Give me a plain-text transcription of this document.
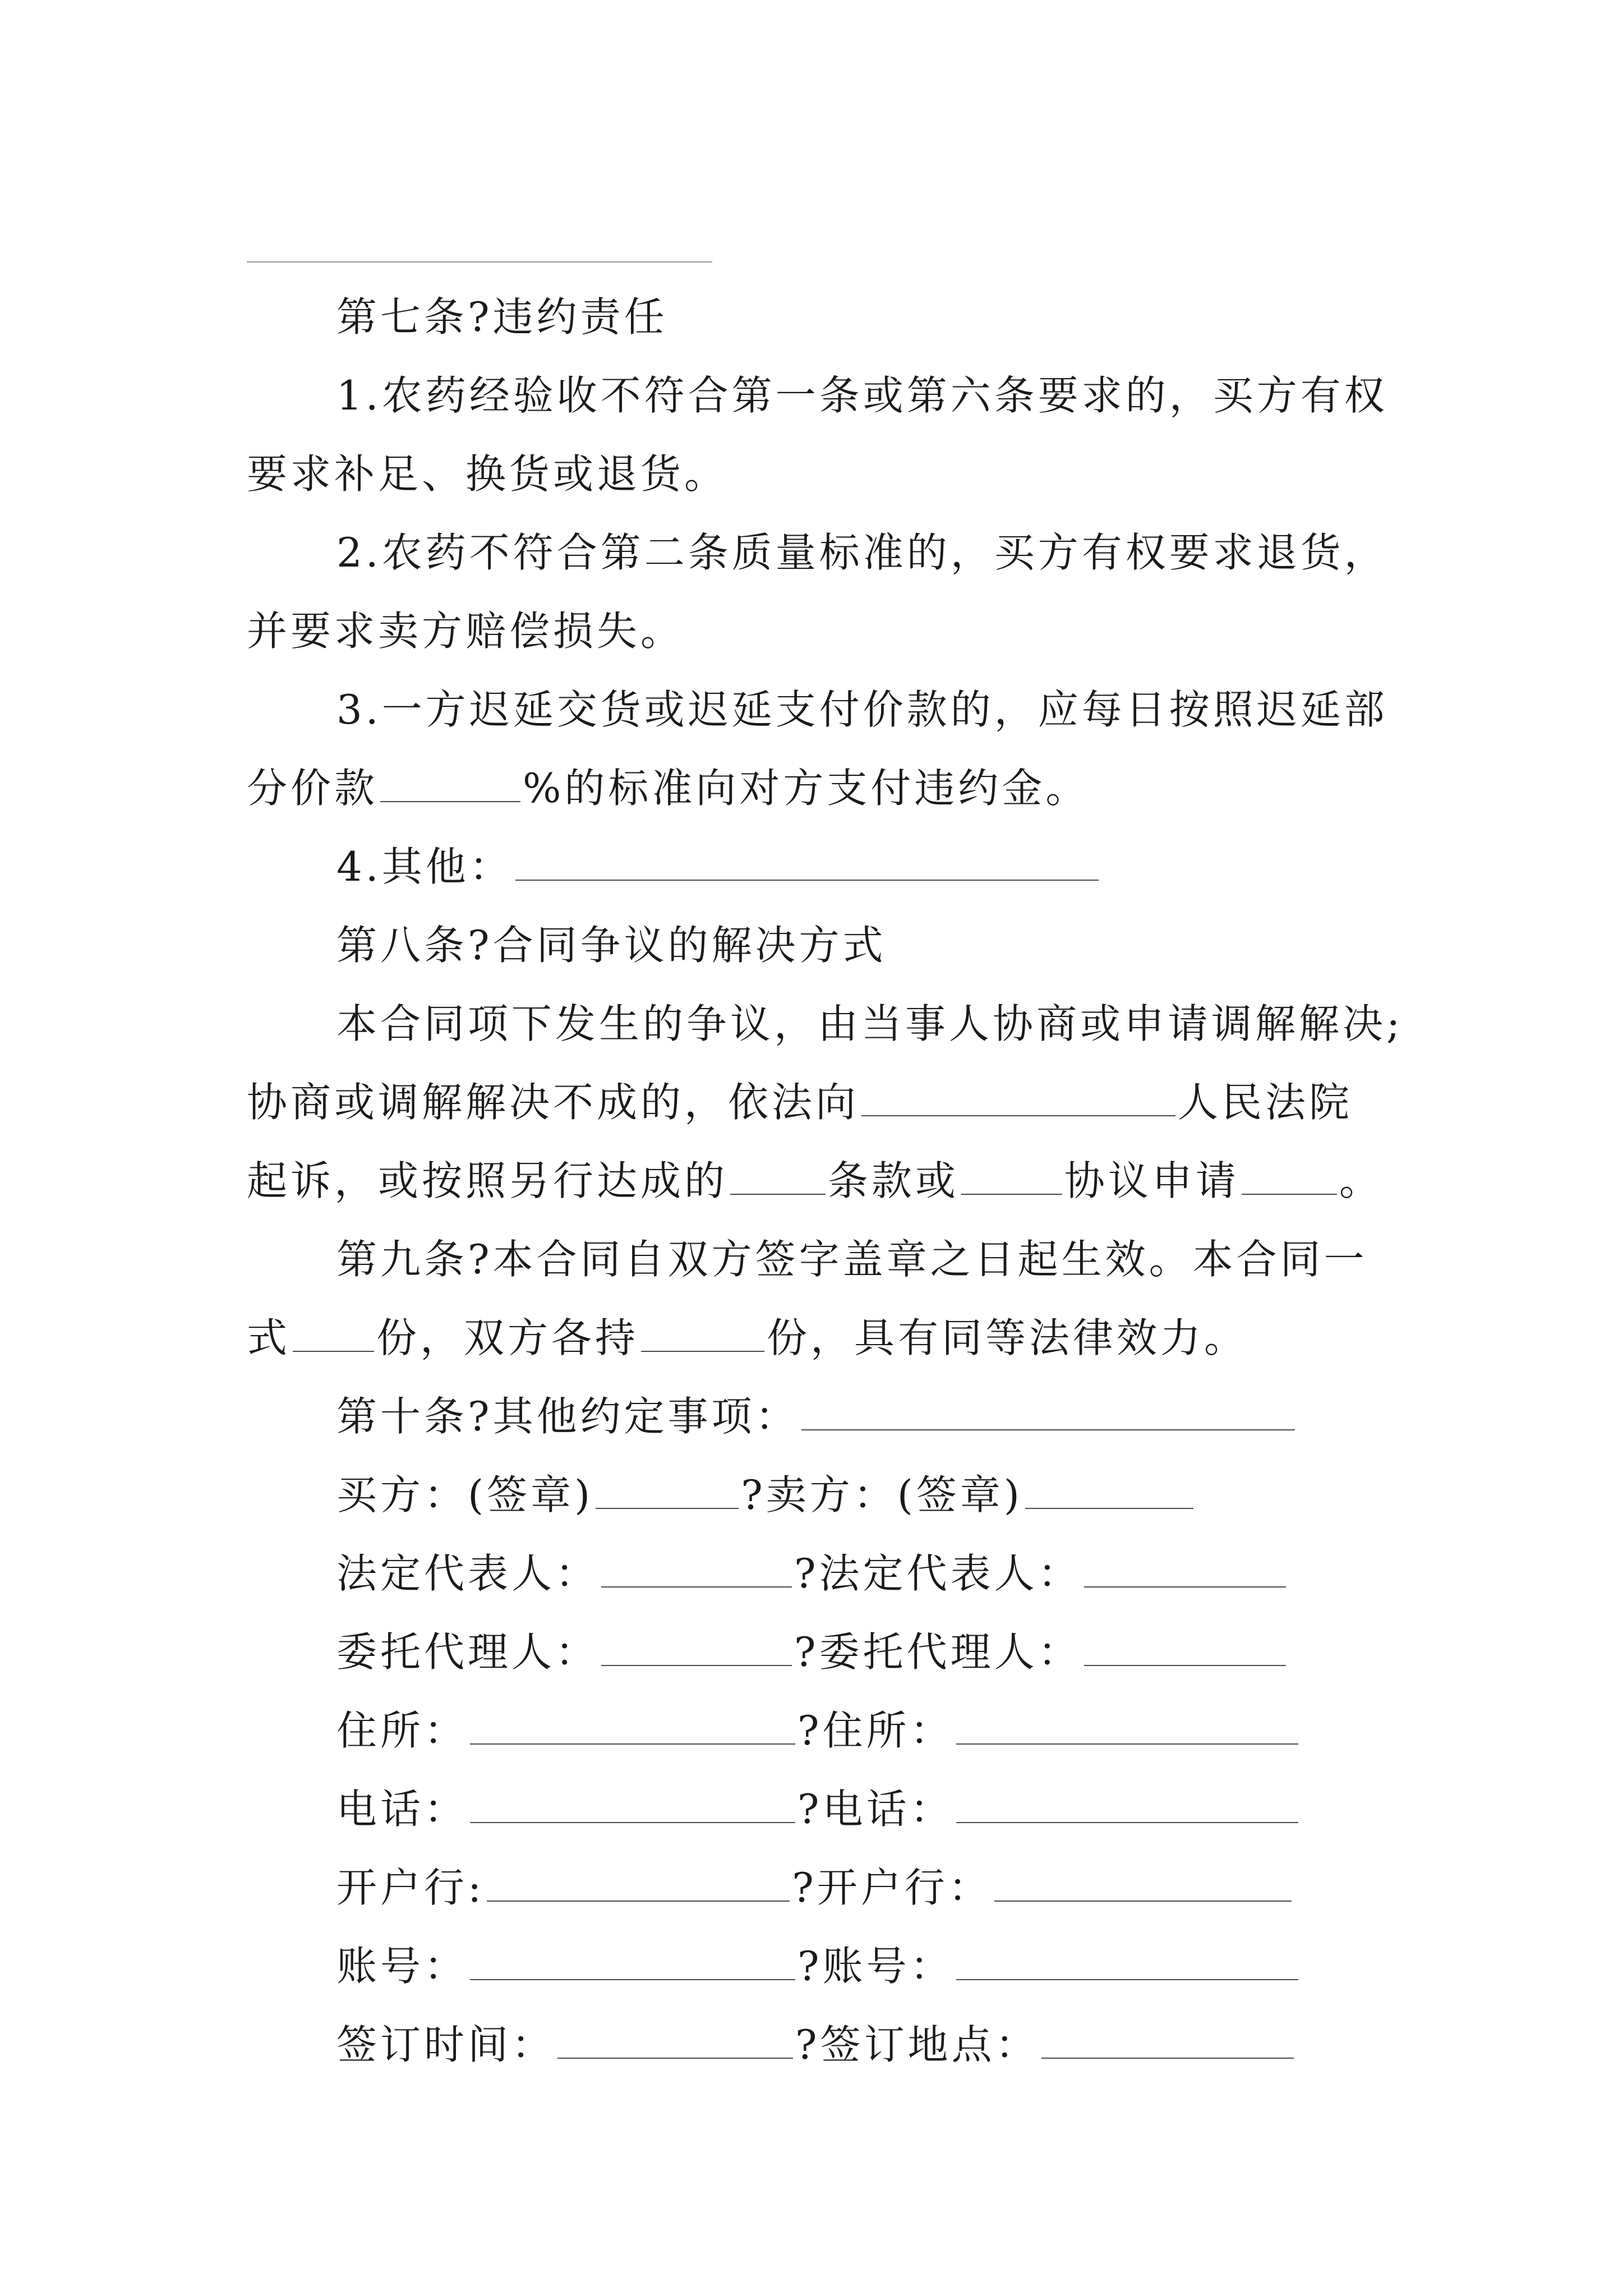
第七条?违约责任
1.农药经验收不符合第一条或第六条要求的，买方有权
要求补足、换货或退货。
2.农药不符合第二条质量标准的，买方有权要求退货，
并要求卖方赔偿损失。
3.一方迟延交货或迟延支付价款的，应每日按照迟延部
分价款	%的标准向对方支付违约金。
4.其他：
第八条?合同争议的解决方式
本合同项下发生的争议，由当事人协商或申请调解解决;
协商或调解解决不成的，依法向	人民法院
起诉，或按照另行达成的 条款或	协议申请 。
第九条?本合同自双方签字盖章之日起生效。本合同一
式 份，双方各持	份，具有同等法律效力。
第十条?其他约定事项：
买方：(签章)	?卖方：(签章)
法定代表人：	?法定代表人：
委托代理人：	?委托代理人：
住所：	?住所：
电话：	?电话：
开户行:	?开户行：
账号：	?账号：
签订时间：	?签订地点：
